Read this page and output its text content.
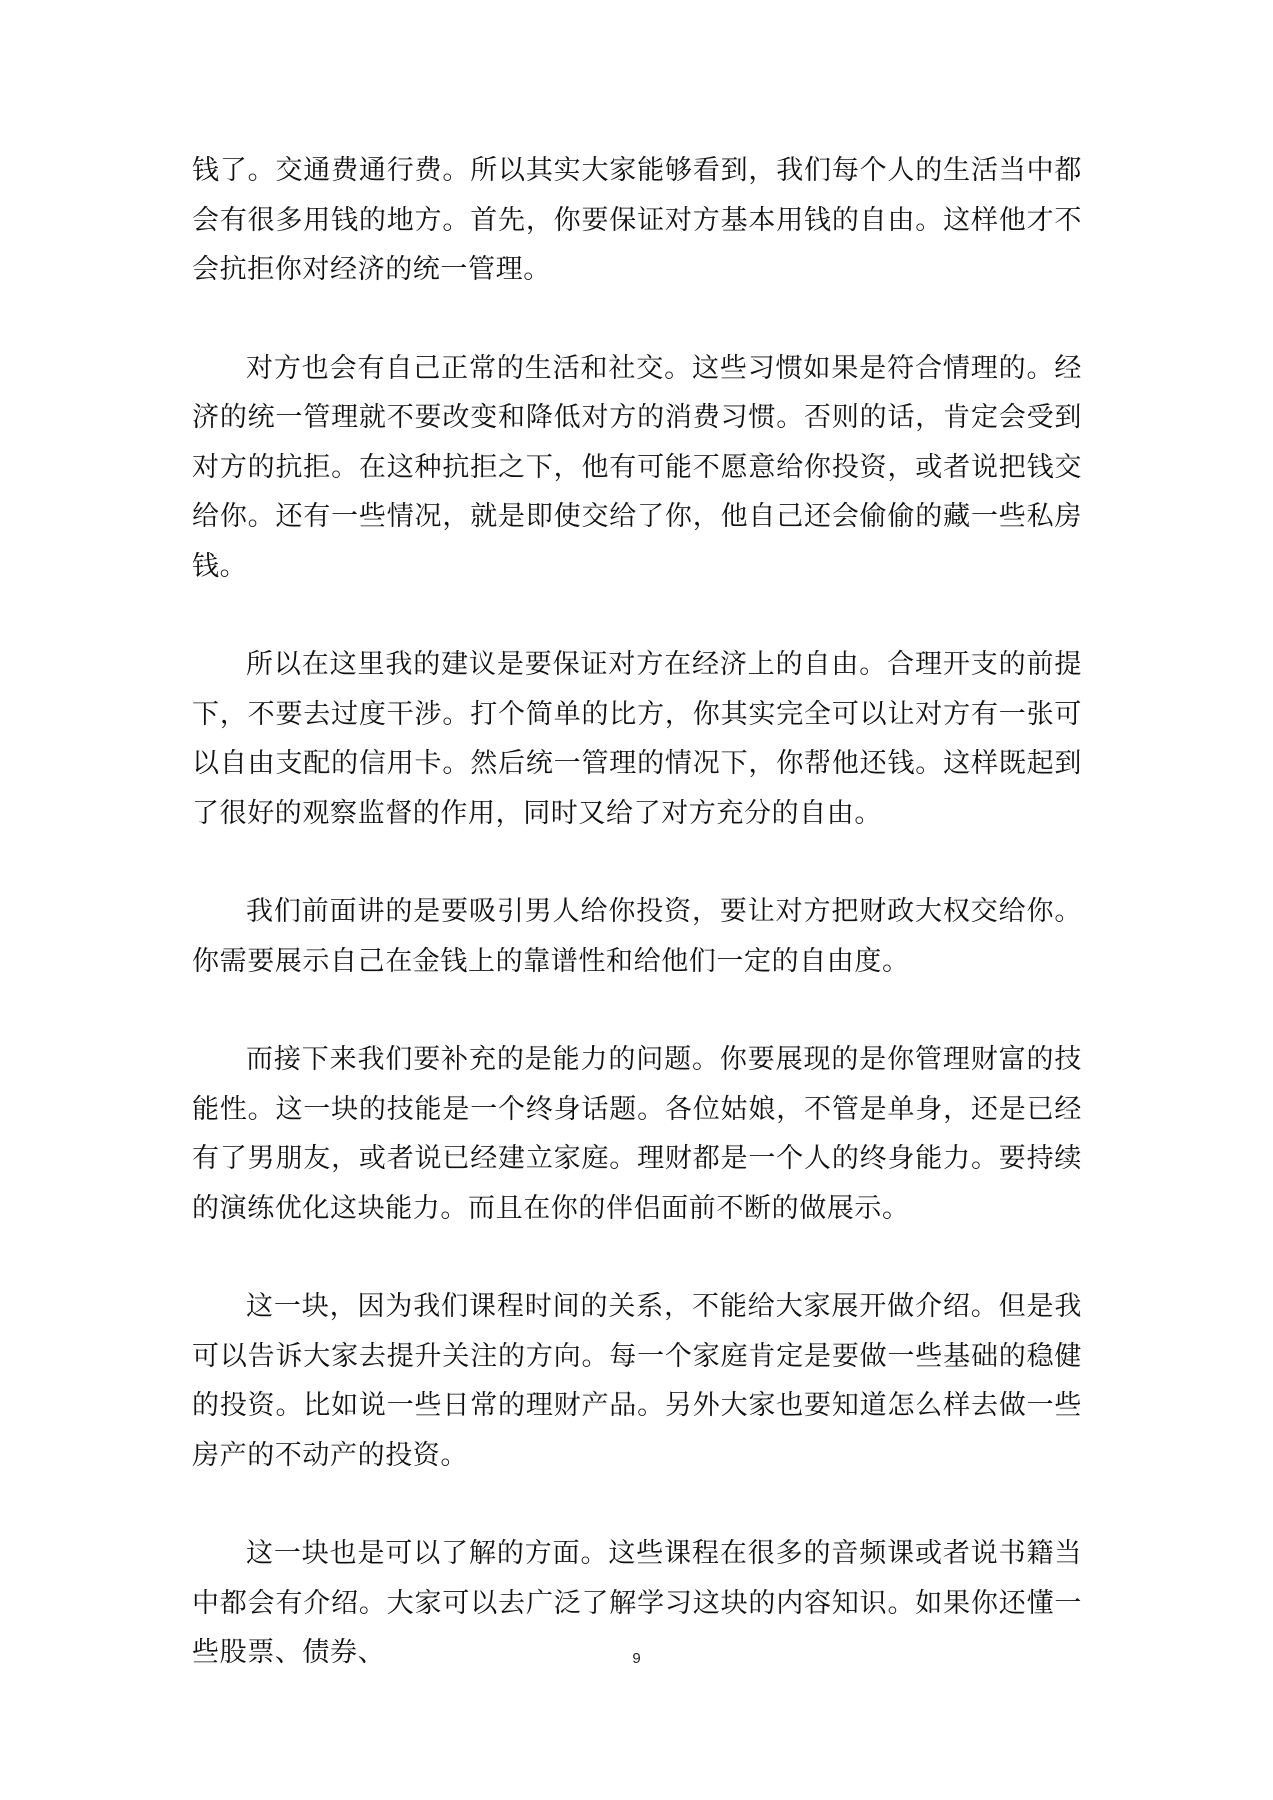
钱了。交通费通行费。所以其实大家能够看到，我们每个人的生活当中都会有很多用钱的地方。首先，你要保证对方基本用钱的自由。这样他才不会抗拒你对经济的统一管理。

对方也会有自己正常的生活和社交。这些习惯如果是符合情理的。经济的统一管理就不要改变和降低对方的消费习惯。否则的话，肯定会受到对方的抗拒。在这种抗拒之下，他有可能不愿意给你投资，或者说把钱交给你。还有一些情况，就是即使交给了你，他自己还会偷偷的藏一些私房钱。

所以在这里我的建议是要保证对方在经济上的自由。合理开支的前提下，不要去过度干涉。打个简单的比方，你其实完全可以让对方有一张可以自由支配的信用卡。然后统一管理的情况下，你帮他还钱。这样既起到了很好的观察监督的作用，同时又给了对方充分的自由。

我们前面讲的是要吸引男人给你投资，要让对方把财政大权交给你。你需要展示自己在金钱上的靠谱性和给他们一定的自由度。

而接下来我们要补充的是能力的问题。你要展现的是你管理财富的技能性。这一块的技能是一个终身话题。各位姑娘，不管是单身，还是已经有了男朋友，或者说已经建立家庭。理财都是一个人的终身能力。要持续的演练优化这块能力。而且在你的伴侣面前不断的做展示。

这一块，因为我们课程时间的关系，不能给大家展开做介绍。但是我可以告诉大家去提升关注的方向。每一个家庭肯定是要做一些基础的稳健的投资。比如说一些日常的理财产品。另外大家也要知道怎么样去做一些房产的不动产的投资。

这一块也是可以了解的方面。这些课程在很多的音频课或者说书籍当中都会有介绍。大家可以去广泛了解学习这块的内容知识。如果你还懂一些股票、债券、	9
